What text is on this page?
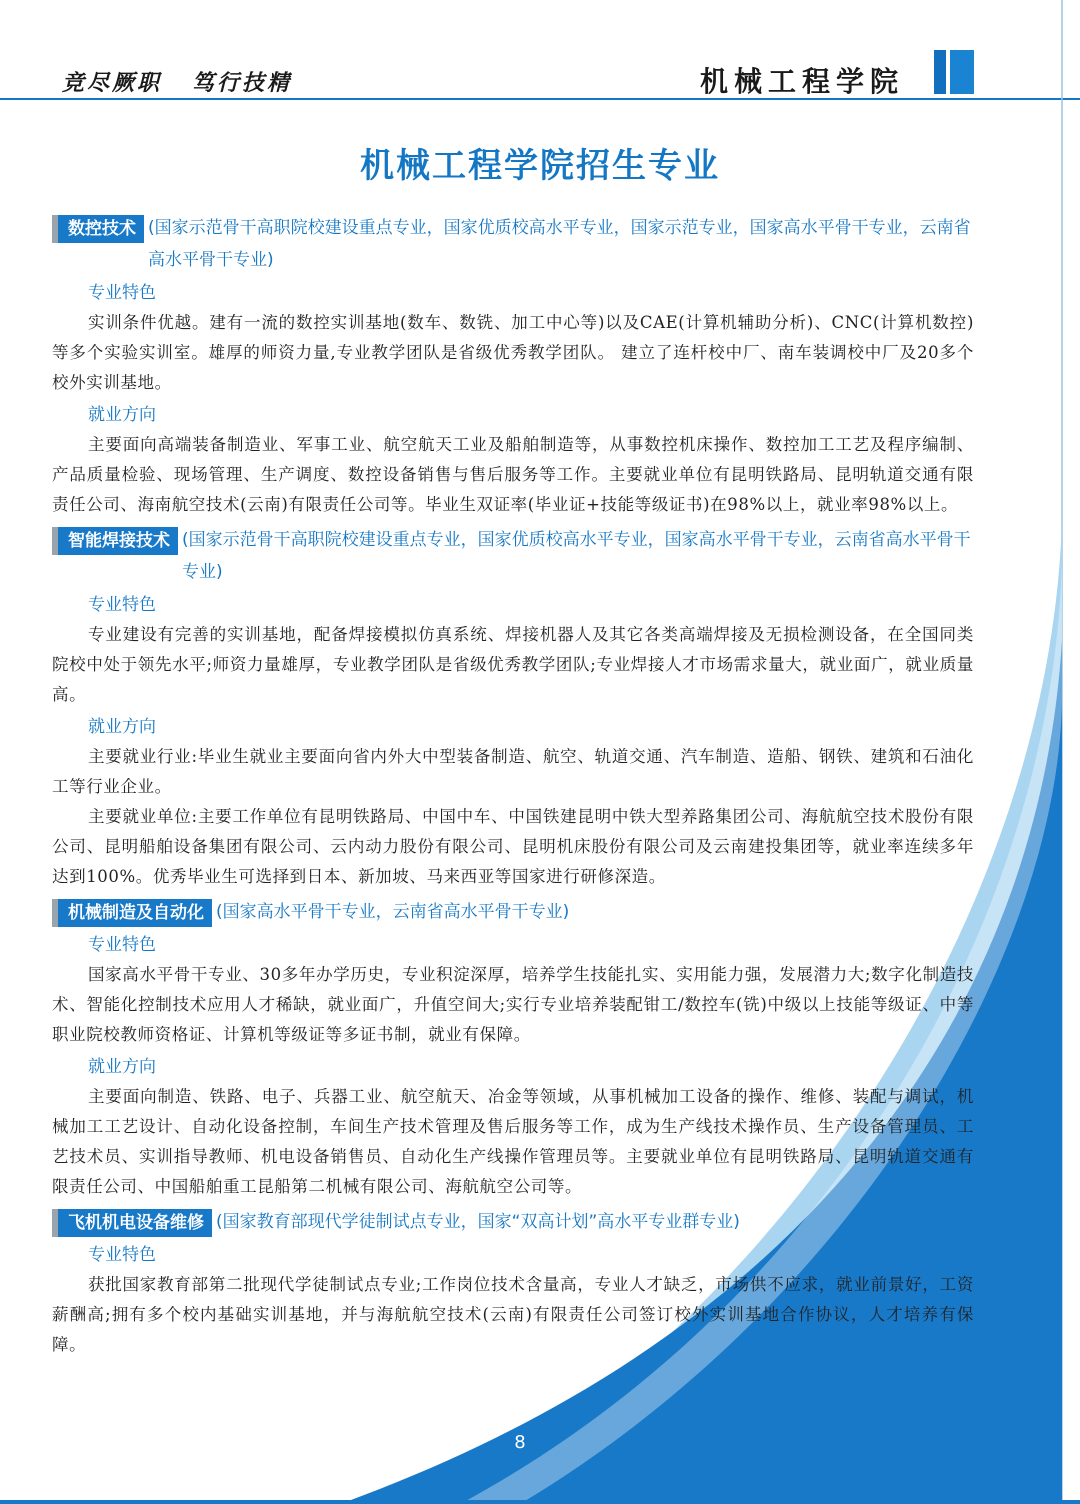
竞尽厥职 笃行技精	机械工程学院
机械工程学院招生专业
数控技术 (国家示范骨干高职院校建设重点专业，国家优质校高水平专业，国家示范专业，国家高水平骨干专业，云南省高水平骨干专业)
专业特色
实训条件优越。建有一流的数控实训基地(数车、数铣、加工中心等)以及CAE(计算机辅助分析)、CNC(计算机数控)等多个实验实训室。雄厚的师资力量,专业教学团队是省级优秀教学团队。 建立了连杆校中厂、南车装调校中厂及20多个校外实训基地。
就业方向
主要面向高端装备制造业、军事工业、航空航天工业及船舶制造等，从事数控机床操作、数控加工工艺及程序编制、产品质量检验、现场管理、生产调度、数控设备销售与售后服务等工作。主要就业单位有昆明铁路局、昆明轨道交通有限责任公司、海南航空技术(云南)有限责任公司等。毕业生双证率(毕业证+技能等级证书)在98%以上，就业率98%以上。
智能焊接技术 (国家示范骨干高职院校建设重点专业，国家优质校高水平专业，国家高水平骨干专业，云南省高水平骨干专业)
专业特色
专业建设有完善的实训基地，配备焊接模拟仿真系统、焊接机器人及其它各类高端焊接及无损检测设备，在全国同类院校中处于领先水平;师资力量雄厚，专业教学团队是省级优秀教学团队;专业焊接人才市场需求量大，就业面广，就业质量高。
就业方向
主要就业行业:毕业生就业主要面向省内外大中型装备制造、航空、轨道交通、汽车制造、造船、钢铁、建筑和石油化工等行业企业。
主要就业单位:主要工作单位有昆明铁路局、中国中车、中国铁建昆明中铁大型养路集团公司、海航航空技术股份有限公司、昆明船舶设备集团有限公司、云内动力股份有限公司、昆明机床股份有限公司及云南建投集团等，就业率连续多年达到100%。优秀毕业生可选择到日本、新加坡、马来西亚等国家进行研修深造。
机械制造及自动化 (国家高水平骨干专业，云南省高水平骨干专业)
专业特色
国家高水平骨干专业、30多年办学历史，专业积淀深厚，培养学生技能扎实、实用能力强，发展潜力大;数字化制造技术、智能化控制技术应用人才稀缺，就业面广，升值空间大;实行专业培养装配钳工/数控车(铣)中级以上技能等级证、中等职业院校教师资格证、计算机等级证等多证书制，就业有保障。
就业方向
主要面向制造、铁路、电子、兵器工业、航空航天、冶金等领域，从事机械加工设备的操作、维修、装配与调试，机械加工工艺设计、自动化设备控制，车间生产技术管理及售后服务等工作，成为生产线技术操作员、生产设备管理员、工艺技术员、实训指导教师、机电设备销售员、自动化生产线操作管理员等。主要就业单位有昆明铁路局、昆明轨道交通有限责任公司、中国船舶重工昆船第二机械有限公司、海航航空公司等。
飞机机电设备维修 (国家教育部现代学徒制试点专业，国家“双高计划”高水平专业群专业)
专业特色
获批国家教育部第二批现代学徒制试点专业;工作岗位技术含量高，专业人才缺乏，市场供不应求，就业前景好，工资薪酬高;拥有多个校内基础实训基地，并与海航航空技术(云南)有限责任公司签订校外实训基地合作协议，人才培养有保障。
8
